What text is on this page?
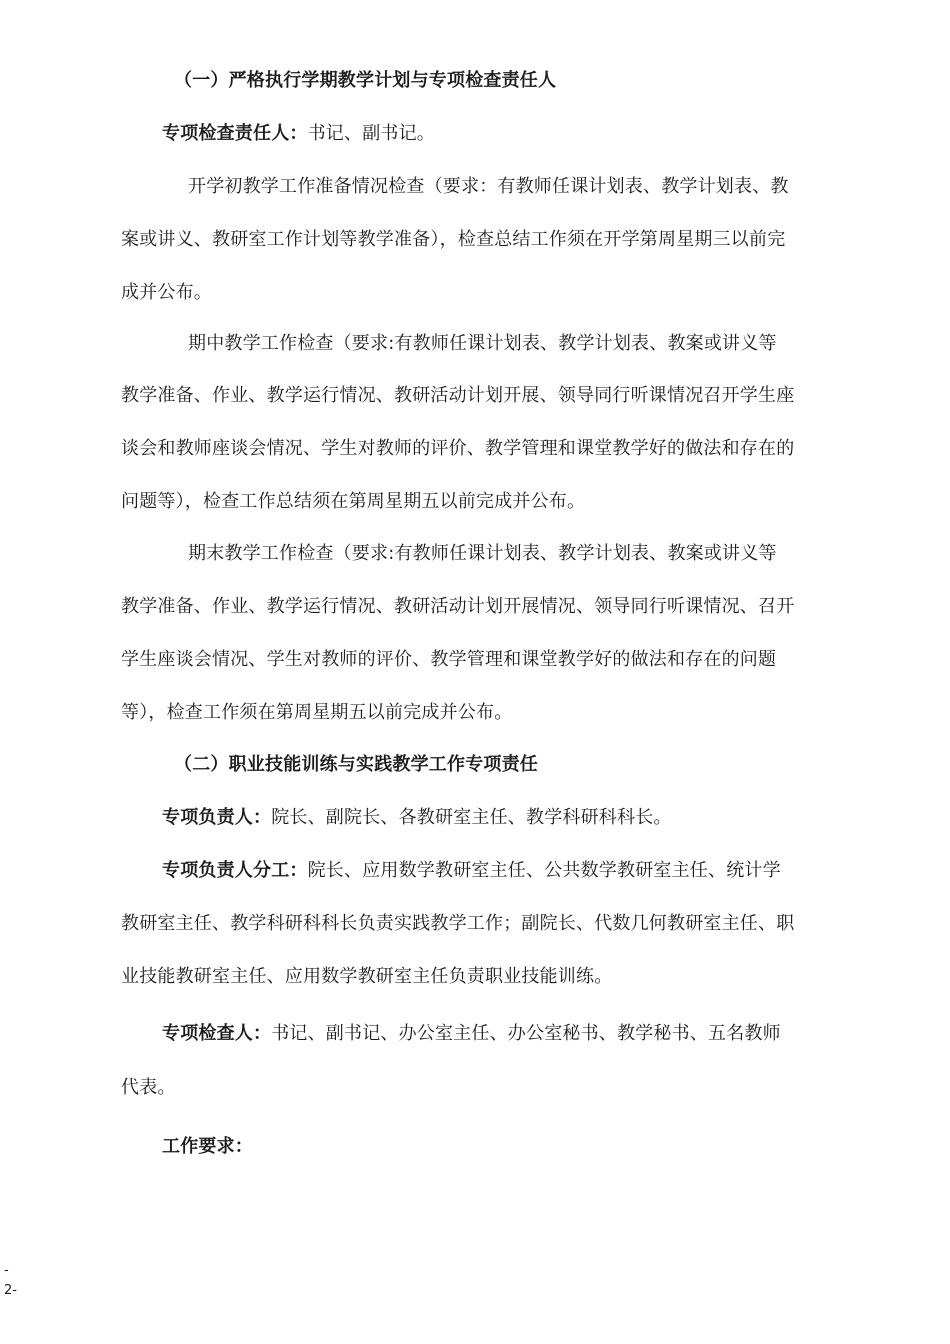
（一）严格执行学期教学计划与专项检查责任人
专项检查责任人：书记、副书记。
开学初教学工作准备情况检查（要求：有教师任课计划表、教学计划表、教
案或讲义、教研室工作计划等教学准备），检查总结工作须在开学第周星期三以前完
成并公布。
期中教学工作检查（要求:有教师任课计划表、教学计划表、教案或讲义等
教学准备、作业、教学运行情况、教研活动计划开展、领导同行听课情况召开学生座
谈会和教师座谈会情况、学生对教师的评价、教学管理和课堂教学好的做法和存在的
问题等），检查工作总结须在第周星期五以前完成并公布。
期末教学工作检查（要求:有教师任课计划表、教学计划表、教案或讲义等
教学准备、作业、教学运行情况、教研活动计划开展情况、领导同行听课情况、召开
学生座谈会情况、学生对教师的评价、教学管理和课堂教学好的做法和存在的问题
等），检查工作须在第周星期五以前完成并公布。
（二）职业技能训练与实践教学工作专项责任
专项负责人：院长、副院长、各教研室主任、教学科研科科长。
专项负责人分工：院长、应用数学教研室主任、公共数学教研室主任、统计学
教研室主任、教学科研科科长负责实践教学工作；副院长、代数几何教研室主任、职
业技能教研室主任、应用数学教研室主任负责职业技能训练。
专项检查人：书记、副书记、办公室主任、办公室秘书、教学秘书、五名教师
代表。
工作要求：
-
2-
